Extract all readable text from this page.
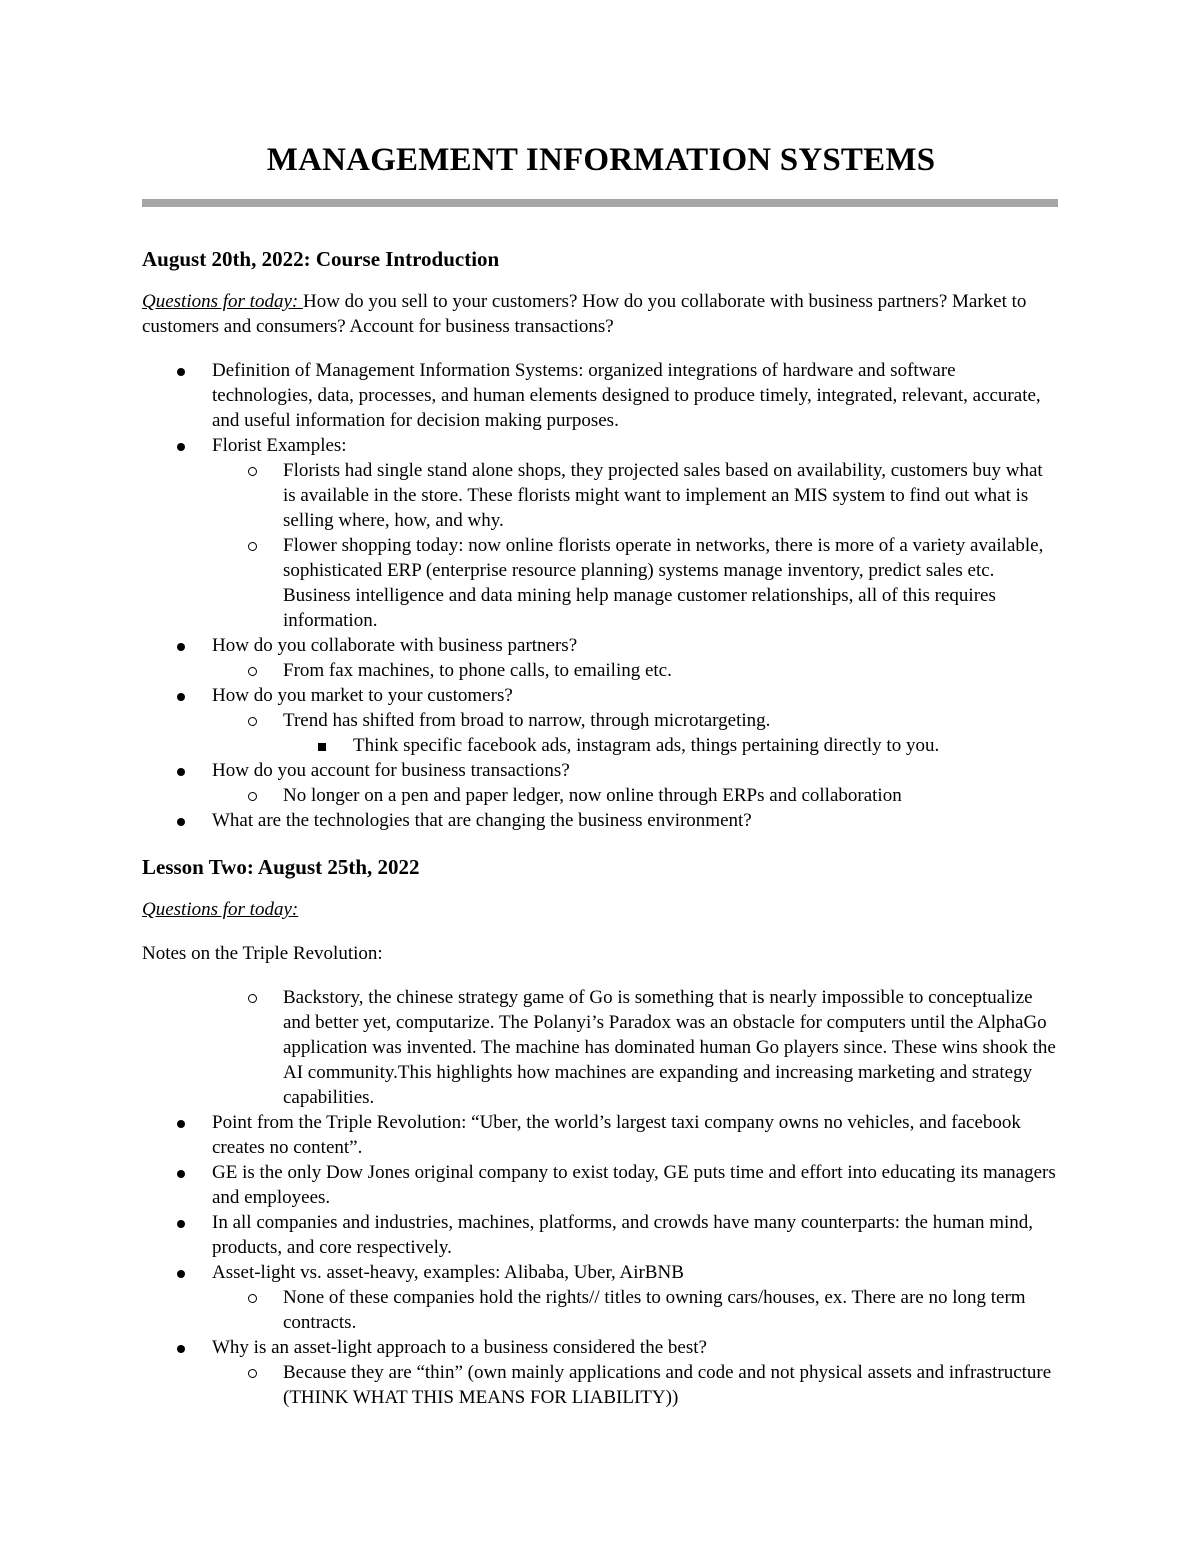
MANAGEMENT INFORMATION SYSTEMS
August 20th, 2022: Course Introduction

Questions for today: How do you sell to your customers? How do you collaborate with business partners? Market to customers and consumers? Account for business transactions?

Definition of Management Information Systems: organized integrations of hardware and software technologies, data, processes, and human elements designed to produce timely, integrated, relevant, accurate, and useful information for decision making purposes.
Florist Examples:
Florists had single stand alone shops, they projected sales based on availability, customers buy what is available in the store. These florists might want to implement an MIS system to find out what is selling where, how, and why.
Flower shopping today: now online florists operate in networks, there is more of a variety available, sophisticated ERP (enterprise resource planning) systems manage inventory, predict sales etc. Business intelligence and data mining help manage customer relationships, all of this requires information.
How do you collaborate with business partners?
From fax machines, to phone calls, to emailing etc.
How do you market to your customers?
Trend has shifted from broad to narrow, through microtargeting.
Think specific facebook ads, instagram ads, things pertaining directly to you.
How do you account for business transactions?
No longer on a pen and paper ledger, now online through ERPs and collaboration
What are the technologies that are changing the business environment?
Lesson Two: August 25th, 2022

Questions for today:

Notes on the Triple Revolution:

Backstory, the chinese strategy game of Go is something that is nearly impossible to conceptualize and better yet, computarize. The Polanyi’s Paradox was an obstacle for computers until the AlphaGo application was invented. The machine has dominated human Go players since. These wins shook the AI community.This highlights how machines are expanding and increasing marketing and strategy capabilities.
Point from the Triple Revolution: “Uber, the world’s largest taxi company owns no vehicles, and facebook creates no content”.
GE is the only Dow Jones original company to exist today, GE puts time and effort into educating its managers and employees.
In all companies and industries, machines, platforms, and crowds have many counterparts: the human mind, products, and core respectively.
Asset-light vs. asset-heavy, examples: Alibaba, Uber, AirBNB
None of these companies hold the rights// titles to owning cars/houses, ex. There are no long term contracts.
Why is an asset-light approach to a business considered the best?
Because they are “thin” (own mainly applications and code and not physical assets and infrastructure (THINK WHAT THIS MEANS FOR LIABILITY))
